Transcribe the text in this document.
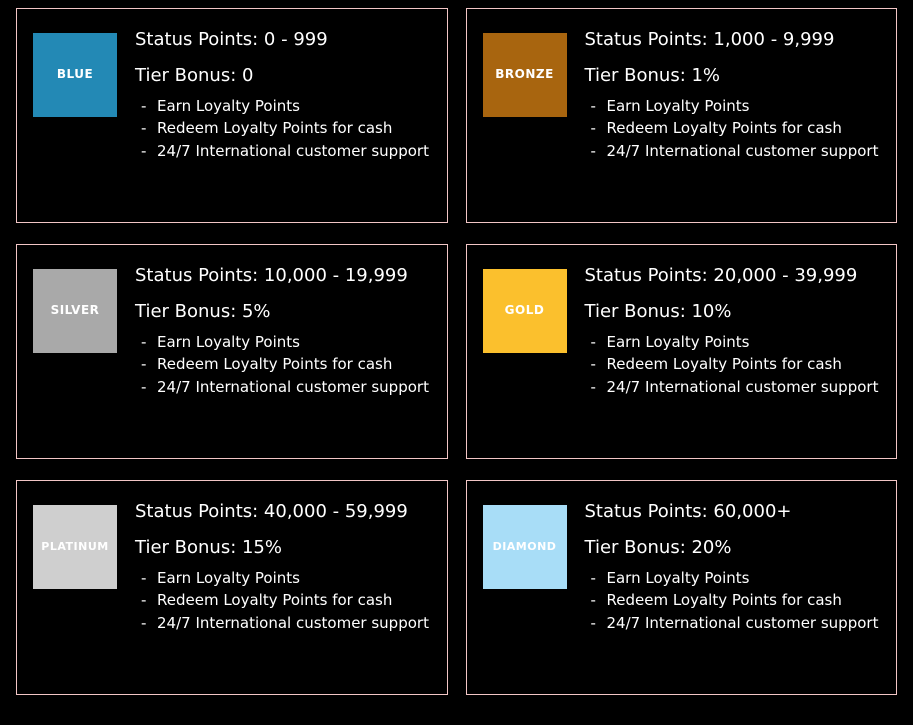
BLUE
Status Points: 0 - 999
Tier Bonus: 0
- Earn Loyalty Points
- Redeem Loyalty Points for cash
- 24/7 International customer support
BRONZE
Status Points: 1,000 - 9,999
Tier Bonus: 1%
- Earn Loyalty Points
- Redeem Loyalty Points for cash
- 24/7 International customer support
SILVER
Status Points: 10,000 - 19,999
Tier Bonus: 5%
- Earn Loyalty Points
- Redeem Loyalty Points for cash
- 24/7 International customer support
GOLD
Status Points: 20,000 - 39,999
Tier Bonus: 10%
- Earn Loyalty Points
- Redeem Loyalty Points for cash
- 24/7 International customer support
PLATINUM
Status Points: 40,000 - 59,999
Tier Bonus: 15%
- Earn Loyalty Points
- Redeem Loyalty Points for cash
- 24/7 International customer support
DIAMOND
Status Points: 60,000+
Tier Bonus: 20%
- Earn Loyalty Points
- Redeem Loyalty Points for cash
- 24/7 International customer support
